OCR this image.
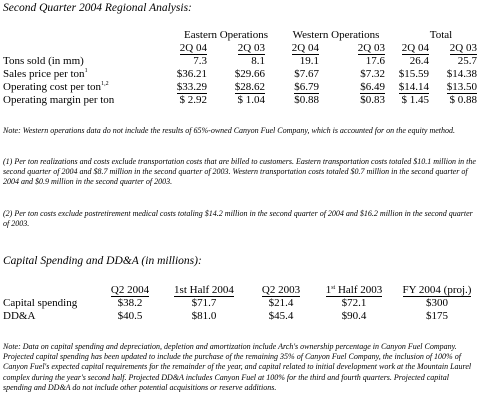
Second Quarter 2004 Regional Analysis:
Eastern Operations	Western Operations	Total
2Q 04	2Q 03 2Q 04	2Q 03 2Q 04 2Q 03
Tons sold (in mm)	7.3	8.1	19.1	17.6 26.4	25.7
Sales price per ton$^1$	$36.21	$29.66	$7.67	$7.32 $15.59 $14.38
Operating cost per ton$^{1,2}$	$33.29	$28.62	$6.79	$6.49 $14.14 $13.50
Operating margin per ton	$ 2.92	$ 1.04	$0.88	$0.83 $ 1.45 $ 0.88
Note: Western operations data do not include the results of 65%-owned Canyon Fuel Company, which is accounted for on the equity method.
(1) Per ton realizations and costs exclude transportation costs that are billed to customers. Eastern transportation costs totaled $10.1 million in the second quarter of 2004 and $8.7 million in the second quarter of 2003. Western transportation costs totaled $0.7 million in the second quarter of 2004 and $0.9 million in the second quarter of 2003.
(2) Per ton costs exclude postretirement medical costs totaling $14.2 million in the second quarter of 2004 and $16.2 million in the second quarter of 2003.
Capital Spending and DD&A (in millions):
Q2 2004	1st Half 2004	Q2 2003	1st Half 2003	FY 2004 (proj.)
Capital spending	$38.2	$71.7	$21.4	$72.1	$300
DD&A	$40.5	$81.0	$45.4	$90.4	$175
Note: Data on capital spending and depreciation, depletion and amortization include Arch's ownership percentage in Canyon Fuel Company. Projected capital spending has been updated to include the purchase of the remaining 35% of Canyon Fuel Company, the inclusion of 100% of Canyon Fuel's expected capital requirements for the remainder of the year, and capital related to initial development work at the Mountain Laurel complex during the year's second half. Projected DD&A includes Canyon Fuel at 100% for the third and fourth quarters. Projected capital spending and DD&A do not include other potential acquisitions or reserve additions.
